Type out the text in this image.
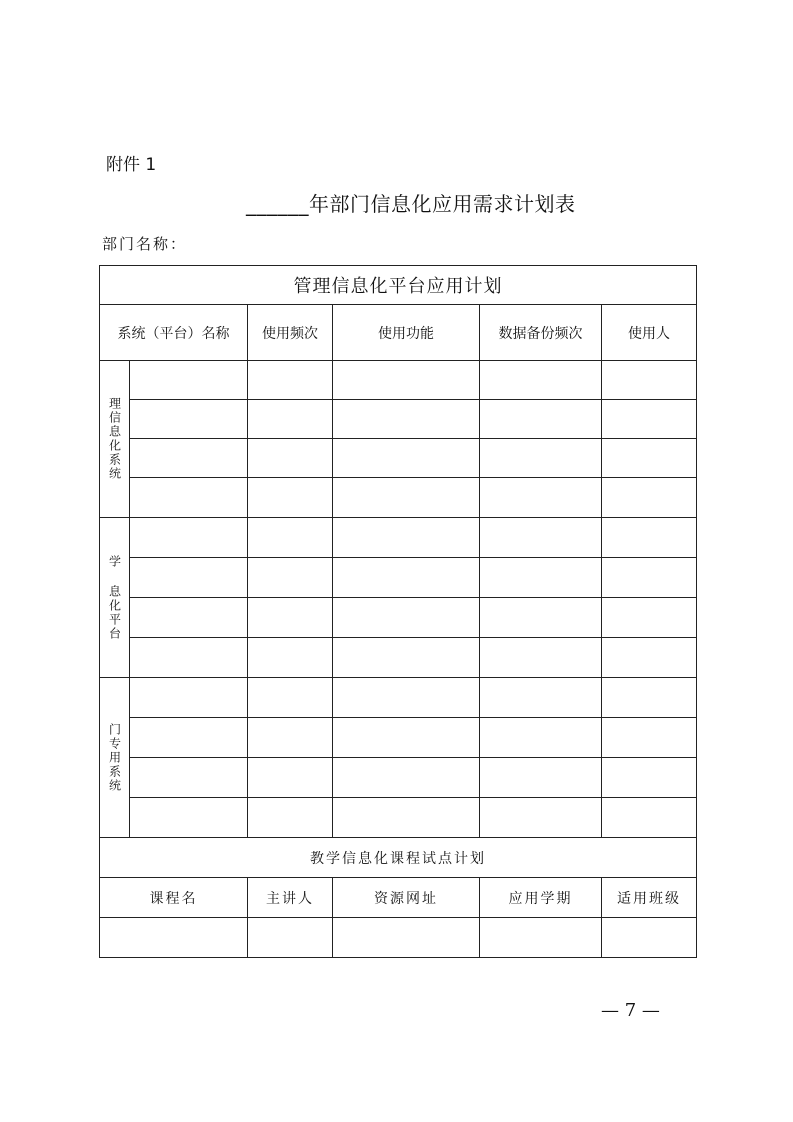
附件 1
______年部门信息化应用需求计划表
部门名称：
管理信息化平台应用计划					
系统（平台）名称		使用频次	使用功能	数据备份频次	使用人

理信息化系统					

学 息化平台					

门专用系统					

教学信息化课程试点计划					
课程名		主讲人	资源网址	应用学期	适用班级

— 7 —
